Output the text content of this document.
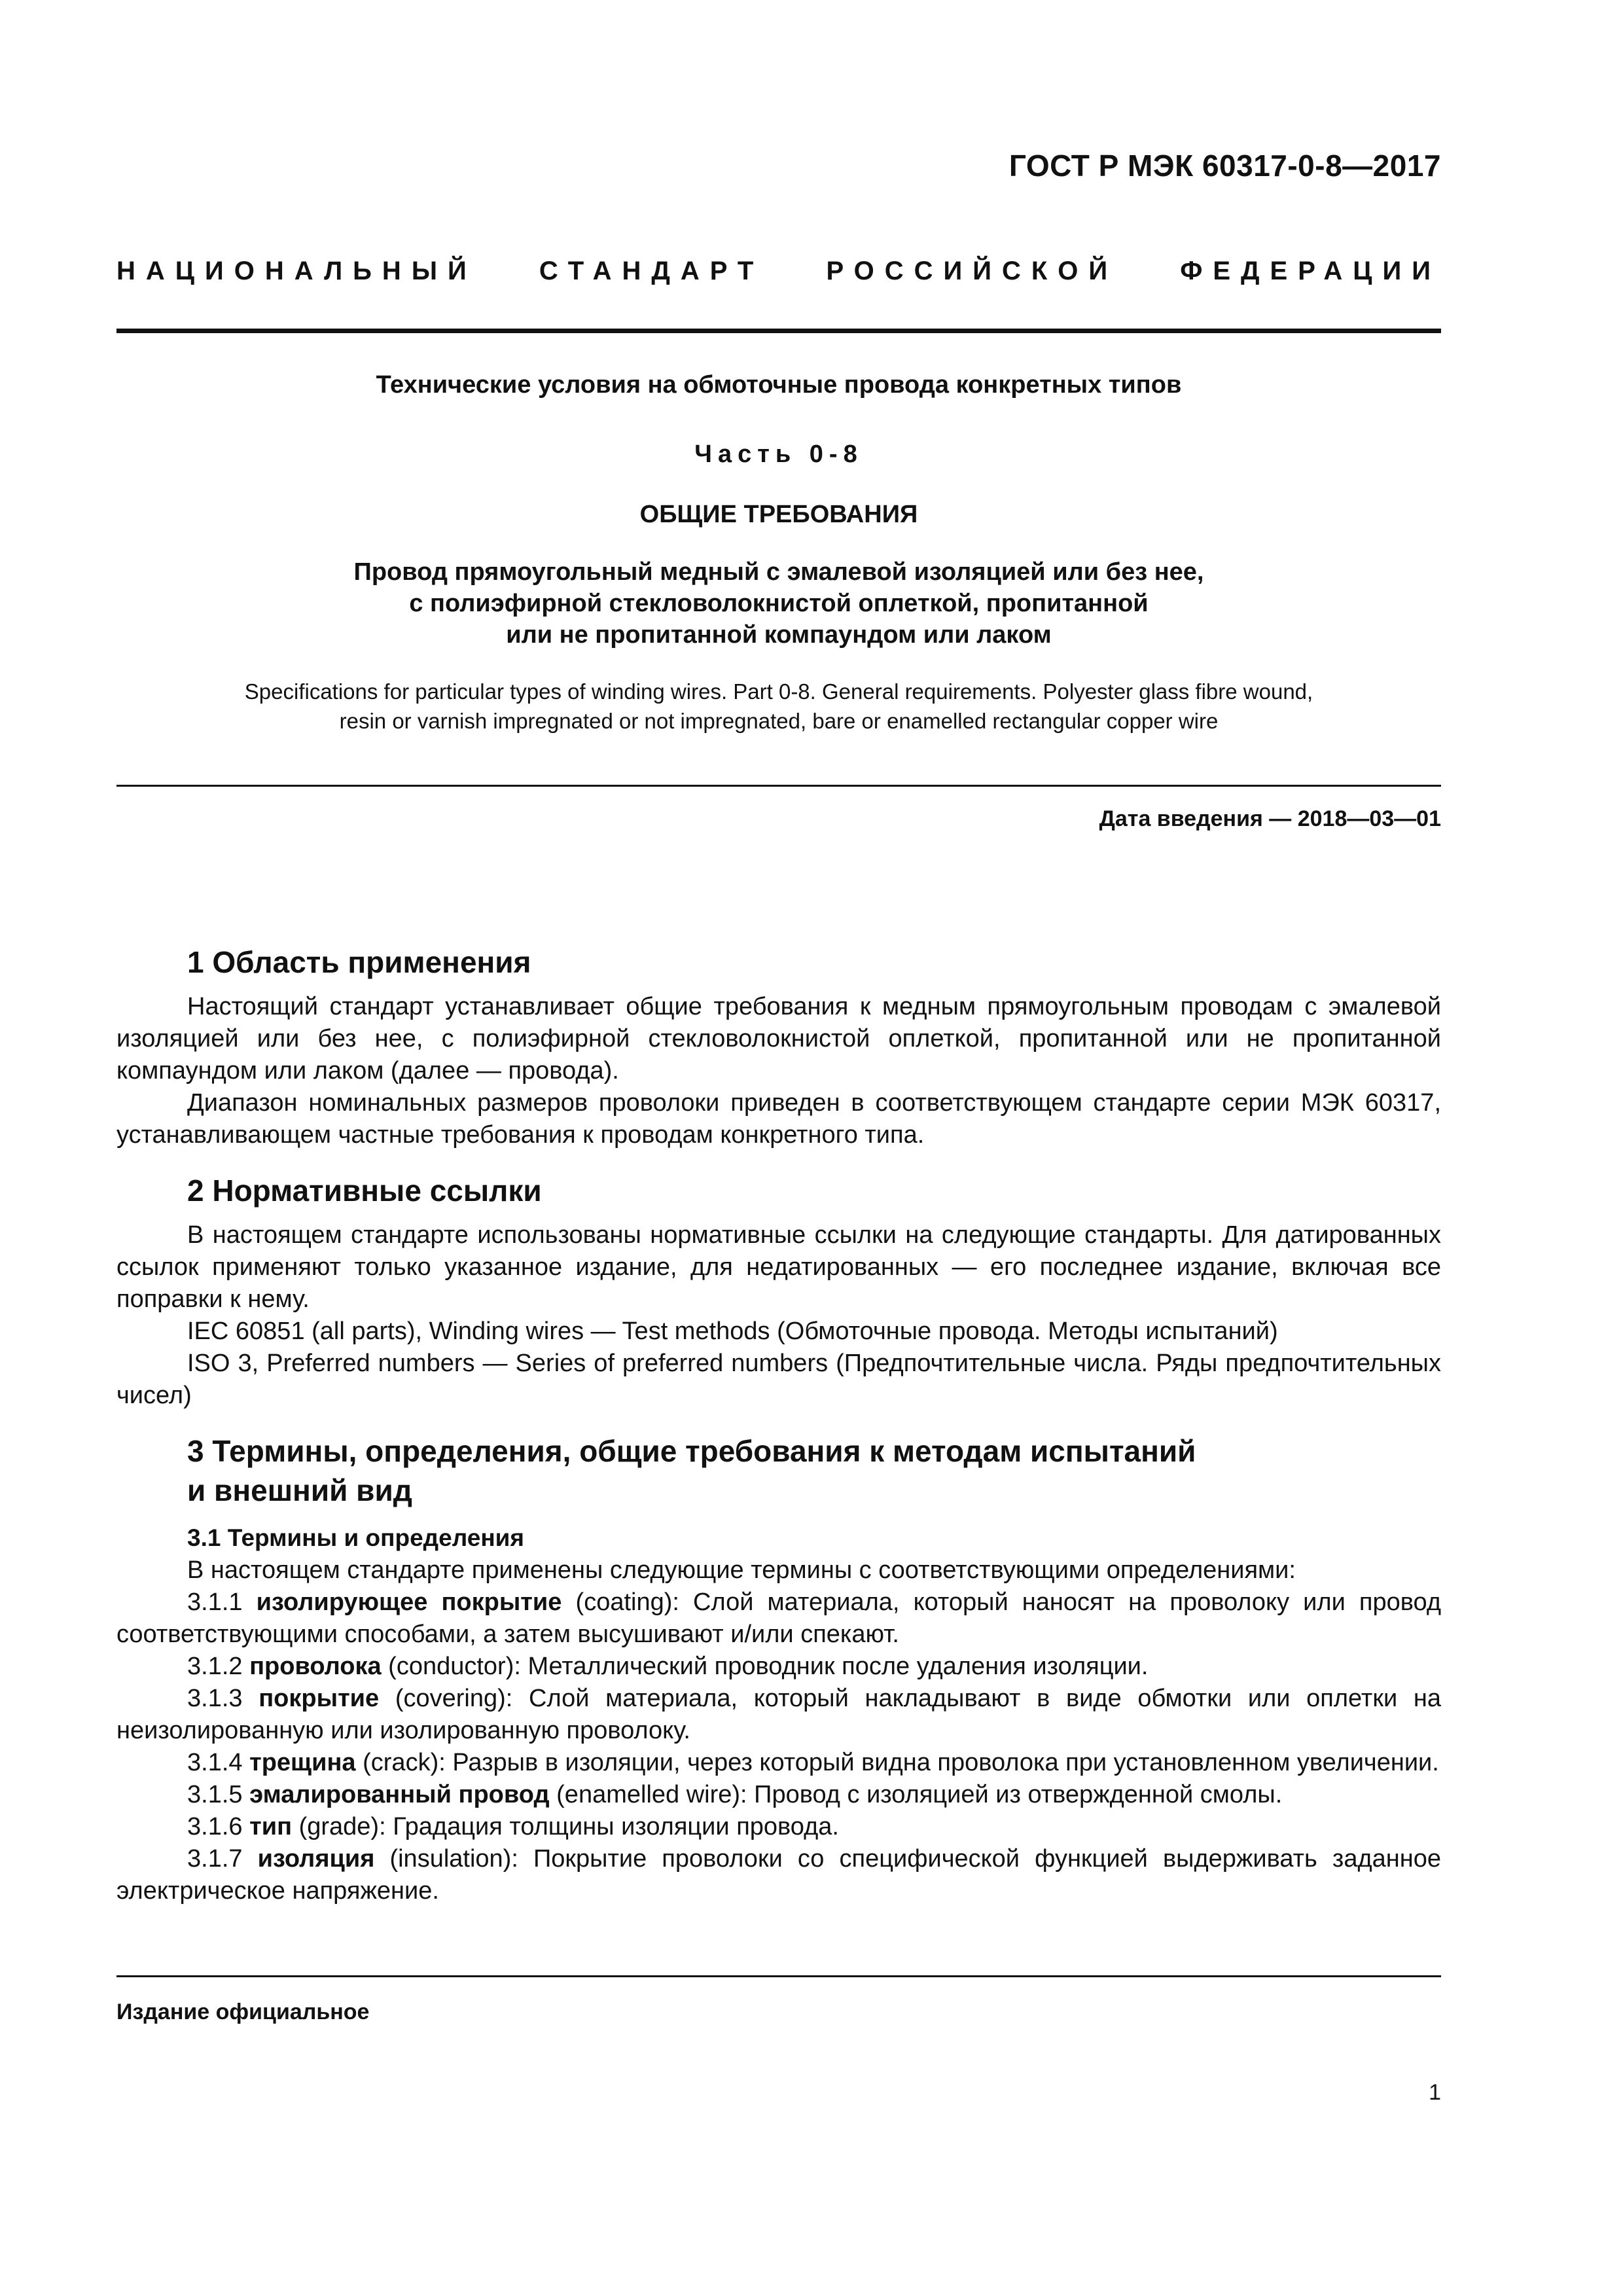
ГОСТ Р МЭК 60317-0-8—2017
НАЦИОНАЛЬНЫЙ СТАНДАРТ РОССИЙСКОЙ ФЕДЕРАЦИИ
Технические условия на обмоточные провода конкретных типов
Часть 0-8
ОБЩИЕ ТРЕБОВАНИЯ
Провод прямоугольный медный с эмалевой изоляцией или без нее,
с полиэфирной стекловолокнистой оплеткой, пропитанной
или не пропитанной компаундом или лаком
Specifications for particular types of winding wires. Part 0-8. General requirements. Polyester glass fibre wound,
resin or varnish impregnated or not impregnated, bare or enamelled rectangular copper wire
Дата введения — 2018—03—01
1 Область применения

Настоящий стандарт устанавливает общие требования к медным прямоугольным проводам с эмалевой изоляцией или без нее, с полиэфирной стекловолокнистой оплеткой, пропитанной или не пропитанной компаундом или лаком (далее — провода).

Диапазон номинальных размеров проволоки приведен в соответствующем стандарте серии МЭК 60317, устанавливающем частные требования к проводам конкретного типа.

2 Нормативные ссылки

В настоящем стандарте использованы нормативные ссылки на следующие стандарты. Для датированных ссылок применяют только указанное издание, для недатированных — его последнее издание, включая все поправки к нему.

IEC 60851 (all parts), Winding wires — Test methods (Обмоточные провода. Методы испытаний)

ISO 3, Preferred numbers — Series of preferred numbers (Предпочтительные числа. Ряды предпочтительных чисел)

3 Термины, определения, общие требования к методам испытаний
и внешний вид
3.1 Термины и определения

В настоящем стандарте применены следующие термины с соответствующими определениями:

3.1.1 изолирующее покрытие (coating): Слой материала, который наносят на проволоку или провод соответствующими способами, а затем высушивают и/или спекают.

3.1.2 проволока (conductor): Металлический проводник после удаления изоляции.

3.1.3 покрытие (covering): Слой материала, который накладывают в виде обмотки или оплетки на неизолированную или изолированную проволоку.

3.1.4 трещина (crack): Разрыв в изоляции, через который видна проволока при установленном увеличении.

3.1.5 эмалированный провод (enamelled wire): Провод с изоляцией из отвержденной смолы.

3.1.6 тип (grade): Градация толщины изоляции провода.

3.1.7 изоляция (insulation): Покрытие проволоки со специфической функцией выдерживать заданное электрическое напряжение.

Издание официальное
1
